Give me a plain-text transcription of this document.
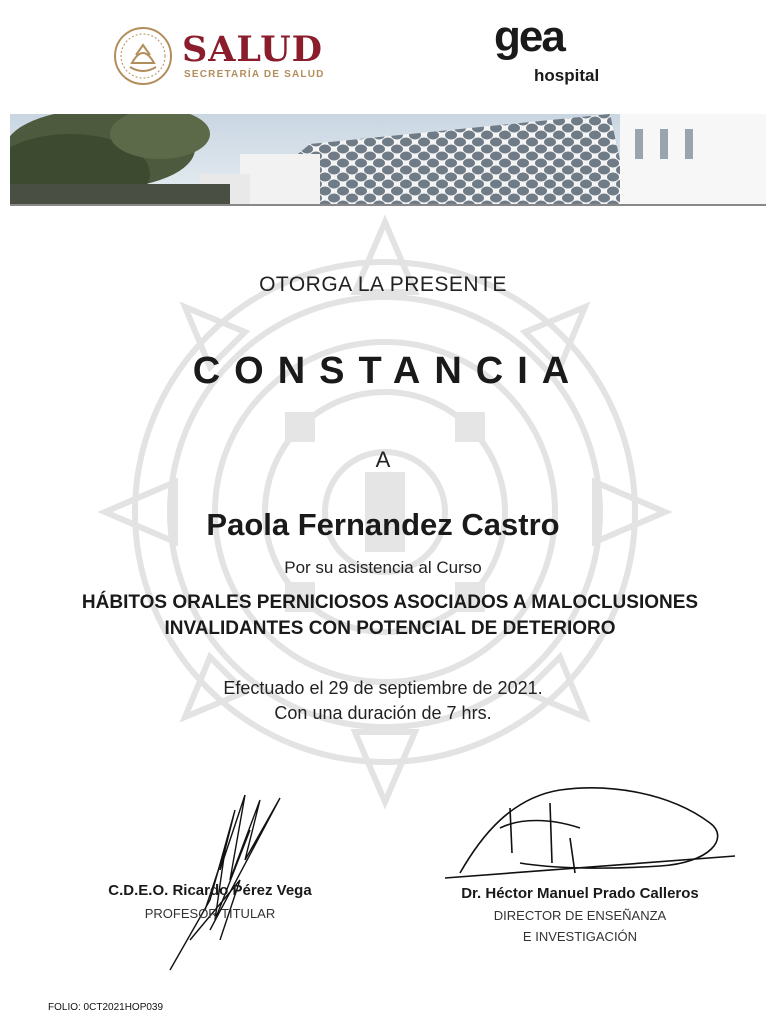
SALUD
SECRETARÍA DE SALUD
gea
hospital
OTORGA LA PRESENTE
CONSTANCIA
A
Paola Fernandez Castro
Por su asistencia al Curso
HÁBITOS ORALES PERNICIOSOS ASOCIADOS A MALOCLUSIONES INVALIDANTES CON POTENCIAL DE DETERIORO
Efectuado el 29 de septiembre de 2021.
Con una duración de 7 hrs.
C.D.E.O. Ricardo Pérez Vega
PROFESOR TITULAR
Dr. Héctor Manuel Prado Calleros
DIRECTOR DE ENSEÑANZA
E INVESTIGACIÓN
FOLIO: 0CT2021HOP039
